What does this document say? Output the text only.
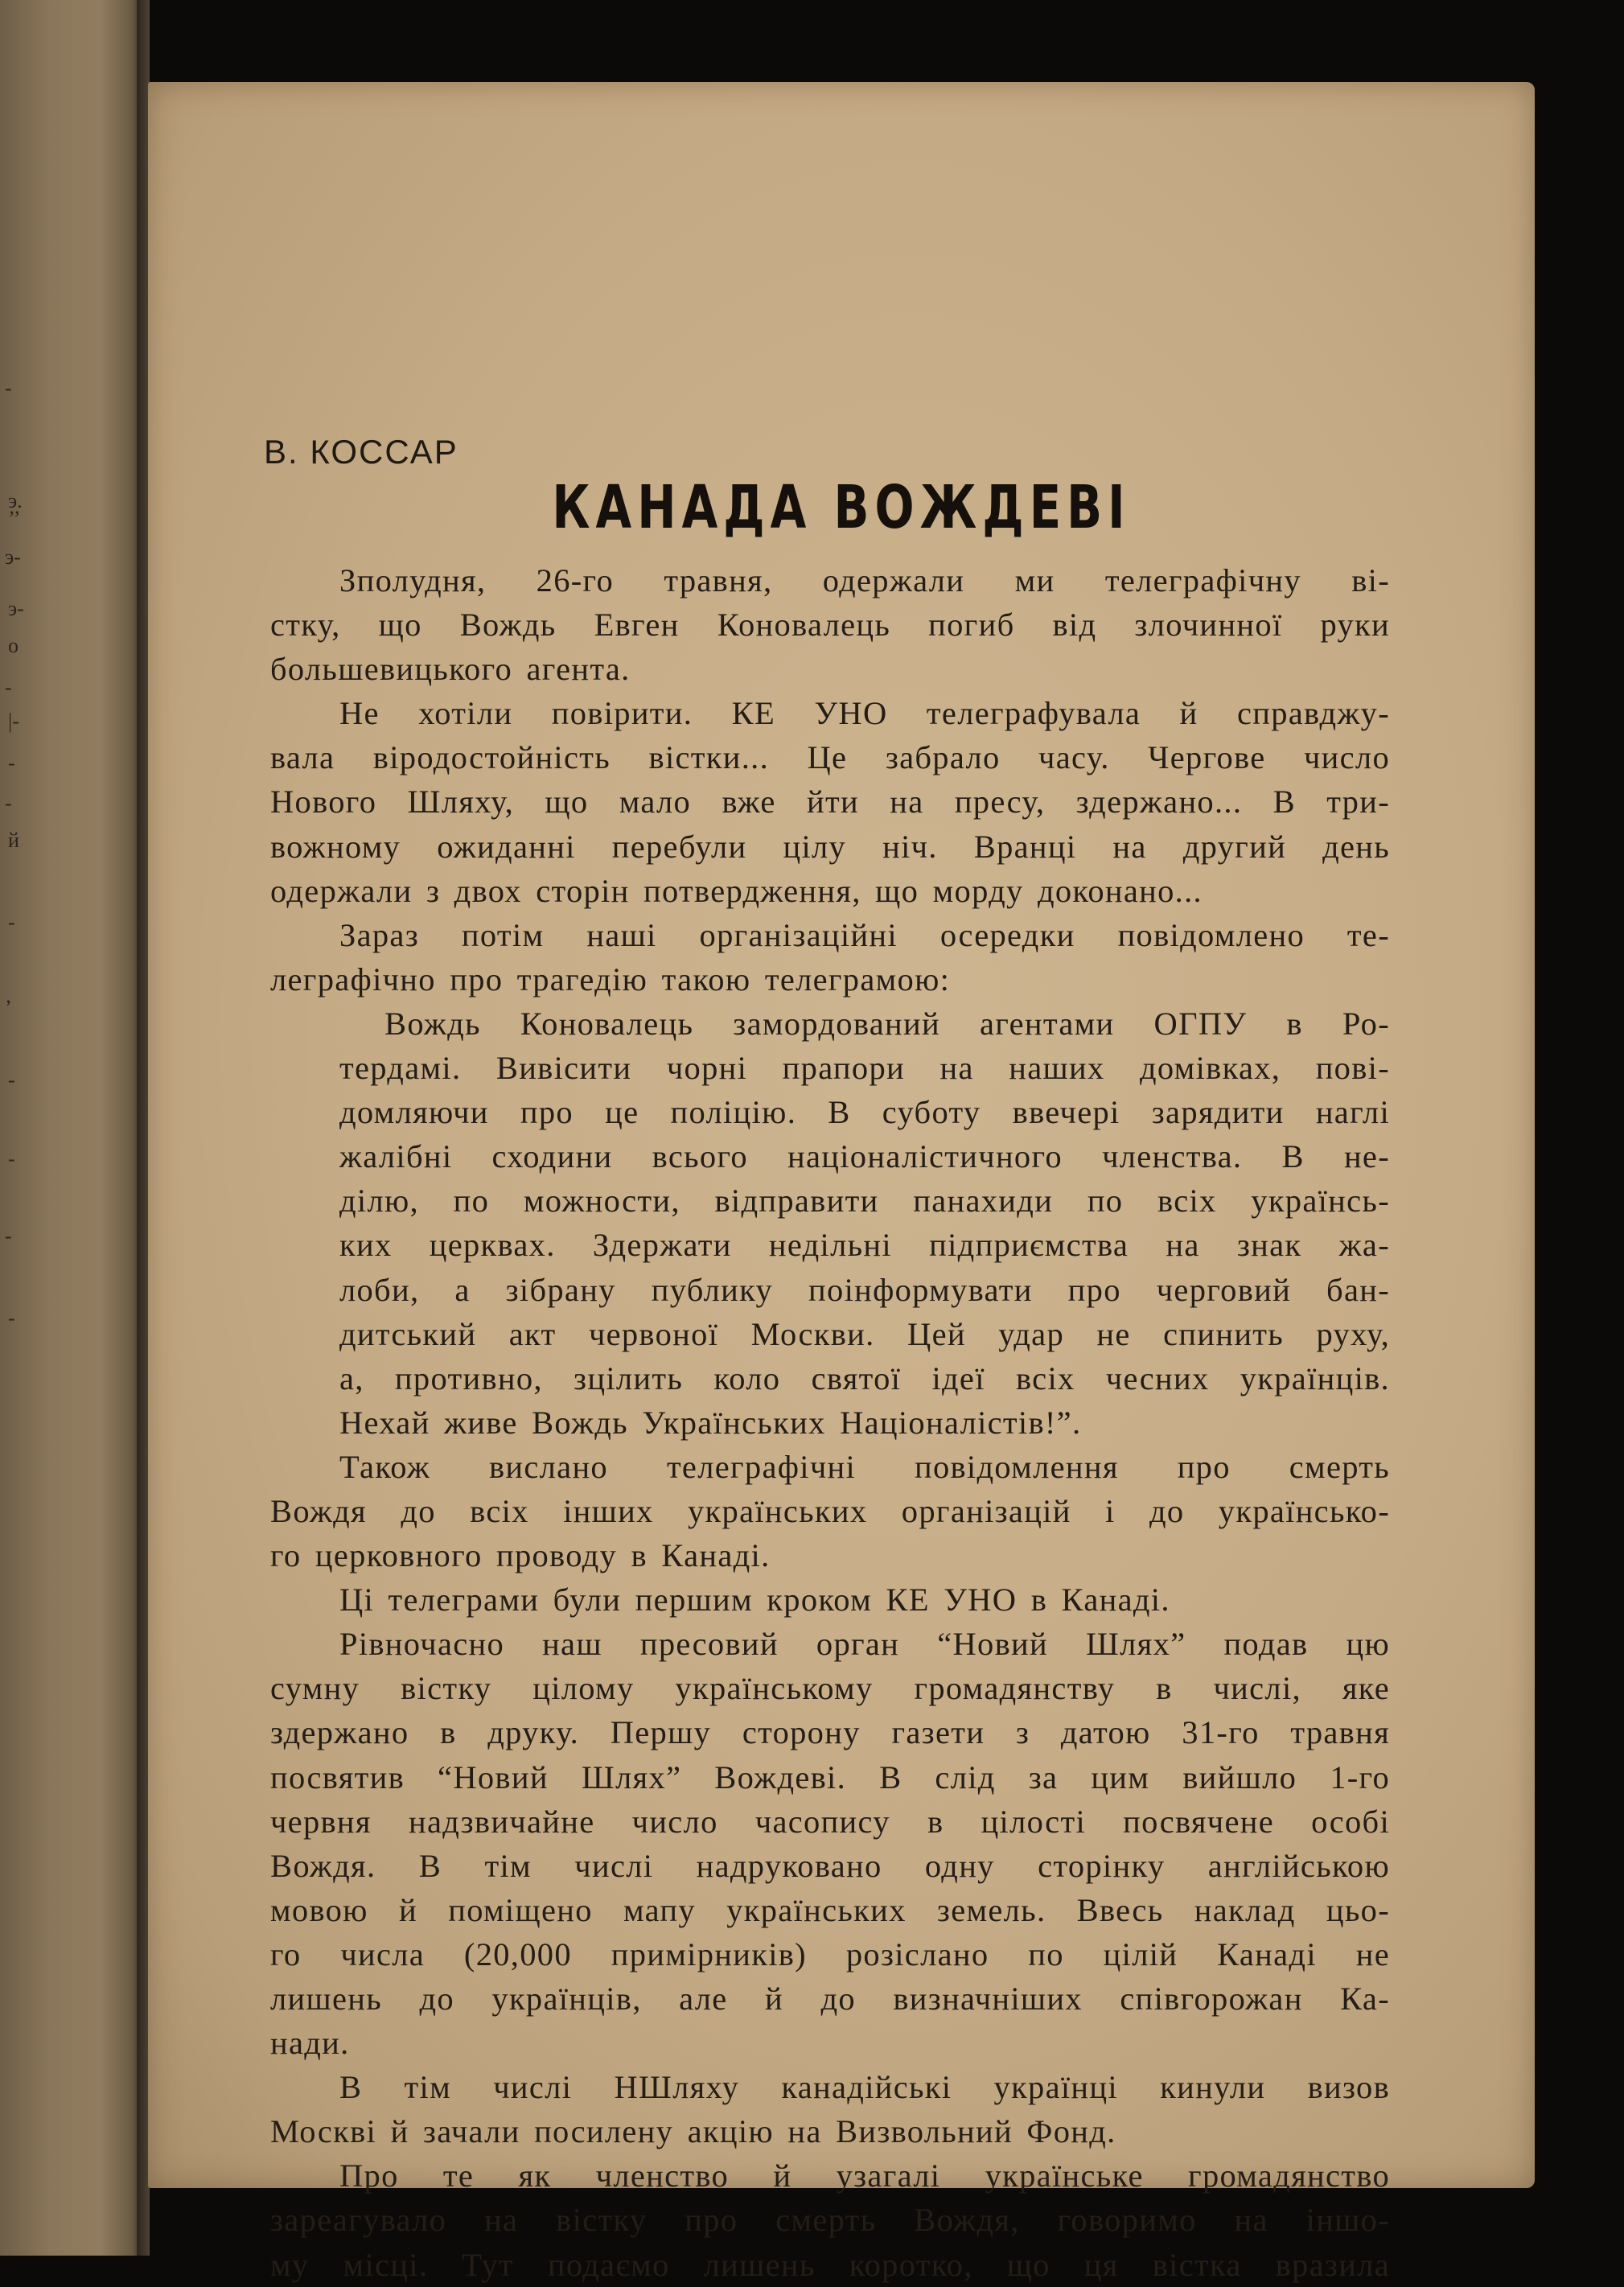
-
э.
’’
э-
э-
о
-
|-
-
-
й
-
’
-
-
-
-
В. КОССАР
КАНАДА ВОЖДЕВІ
Зполудня, 26-го травня, одержали ми телеграфічну ві-
стку, що Вождь Евген Коновалець погиб від злочинної руки
большевицького агента.
Не хотіли повірити. КЕ УНО телеграфувала й справджу-
вала віродостойність вістки... Це забрало часу. Чергове число
Нового Шляху, що мало вже йти на пресу, здержано... В три-
вожному ожиданні перебули цілу ніч. Вранці на другий день
одержали з двох сторін потвердження, що морду доконано...
Зараз потім наші організаційні осередки повідомлено те-
леграфічно про трагедію такою телеграмою:
Вождь Коновалець замордований агентами ОГПУ в Ро-
тердамі. Вивісити чорні прапори на наших домівках, пові-
домляючи про це поліцію. В суботу ввечері зарядити наглі
жалібні сходини всього націоналістичного членства. В не-
ділю, по можности, відправити панахиди по всіх українсь-
ких церквах. Здержати недільні підприємства на знак жа-
лоби, а зібрану публику поінформувати про черговий бан-
дитський акт червоної Москви. Цей удар не спинить руху,
а, противно, зцілить коло святої ідеї всіх чесних українців.
Нехай живе Вождь Українських Націоналістів!”.
Також вислано телеграфічні повідомлення про смерть
Вождя до всіх інших українських організацій і до українсько-
го церковного проводу в Канаді.
Ці телеграми були першим кроком КЕ УНО в Канаді.
Рівночасно наш пресовий орган “Новий Шлях” подав цю
сумну вістку цілому українському громадянству в числі, яке
здержано в друку. Першу сторону газети з датою 31-го травня
посвятив “Новий Шлях” Вождеві. В слід за цим вийшло 1-го
червня надзвичайне число часопису в цілості посвячене особі
Вождя. В тім числі надруковано одну сторінку англійською
мовою й поміщено мапу українських земель. Ввесь наклад цьо-
го числа (20,000 примірників) розіслано по цілій Канаді не
лишень до українців, але й до визначніших співгорожан Ка-
нади.
В тім числі НШляху канадійські українці кинули визов
Москві й зачали посилену акцію на Визвольний Фонд.
Про те як членство й узагалі українське громадянство
зареагувало на вістку про смерть Вождя, говоримо на іншо-
му місці. Тут подаємо лишень коротко, що ця вістка вразила
